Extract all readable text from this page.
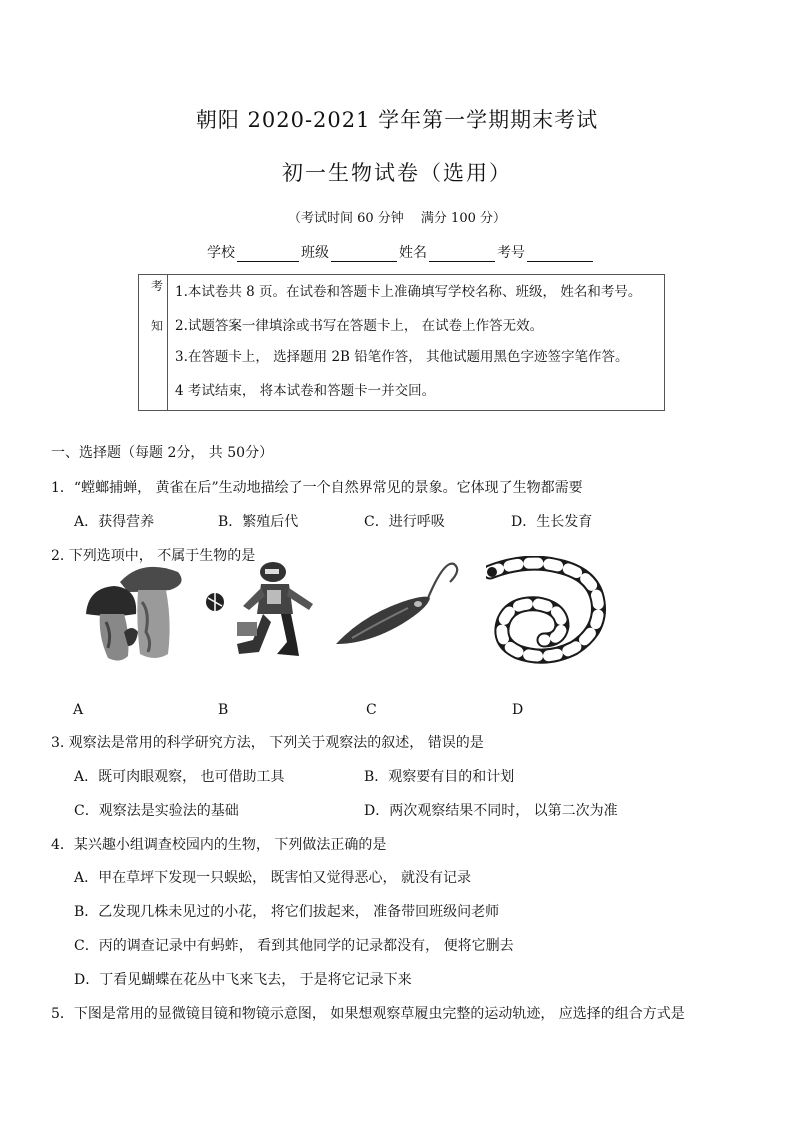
朝阳 2020-2021 学年第一学期期末考试
初一生物试卷（选用）
（考试时间 60 分钟　 满分 100 分）
学校	班级	姓名	考号
考
知
1.本试卷共 8 页。在试卷和答题卡上准确填写学校名称、班级， 姓名和考号。
2.试题答案一律填涂或书写在答题卡上， 在试卷上作答无效。
3.在答题卡上， 选择题用 2B 铅笔作答， 其他试题用黑色字迹签字笔作答。
4 考试结束， 将本试卷和答题卡一并交回。
一、选择题（每题 2分， 共 50分）
1．“螳螂捕蝉， 黄雀在后”生动地描绘了一个自然界常见的景象。它体现了生物都需要
A．获得营养	B．繁殖后代	C．进行呼吸	D．生长发育
2. 下列选项中， 不属于生物的是
A	B	C	D
3. 观察法是常用的科学研究方法， 下列关于观察法的叙述， 错误的是
A．既可肉眼观察， 也可借助工具	B．观察要有目的和计划
C．观察法是实验法的基础	D．两次观察结果不同时， 以第二次为准
4．某兴趣小组调查校园内的生物， 下列做法正确的是
A．甲在草坪下发现一只蜈蚣， 既害怕又觉得恶心， 就没有记录
B．乙发现几株未见过的小花， 将它们拔起来， 准备带回班级问老师
C．丙的调查记录中有蚂蚱， 看到其他同学的记录都没有， 便将它删去
D．丁看见蝴蝶在花丛中飞来飞去， 于是将它记录下来
5．下图是常用的显微镜目镜和物镜示意图， 如果想观察草履虫完整的运动轨迹， 应选择的组合方式是
